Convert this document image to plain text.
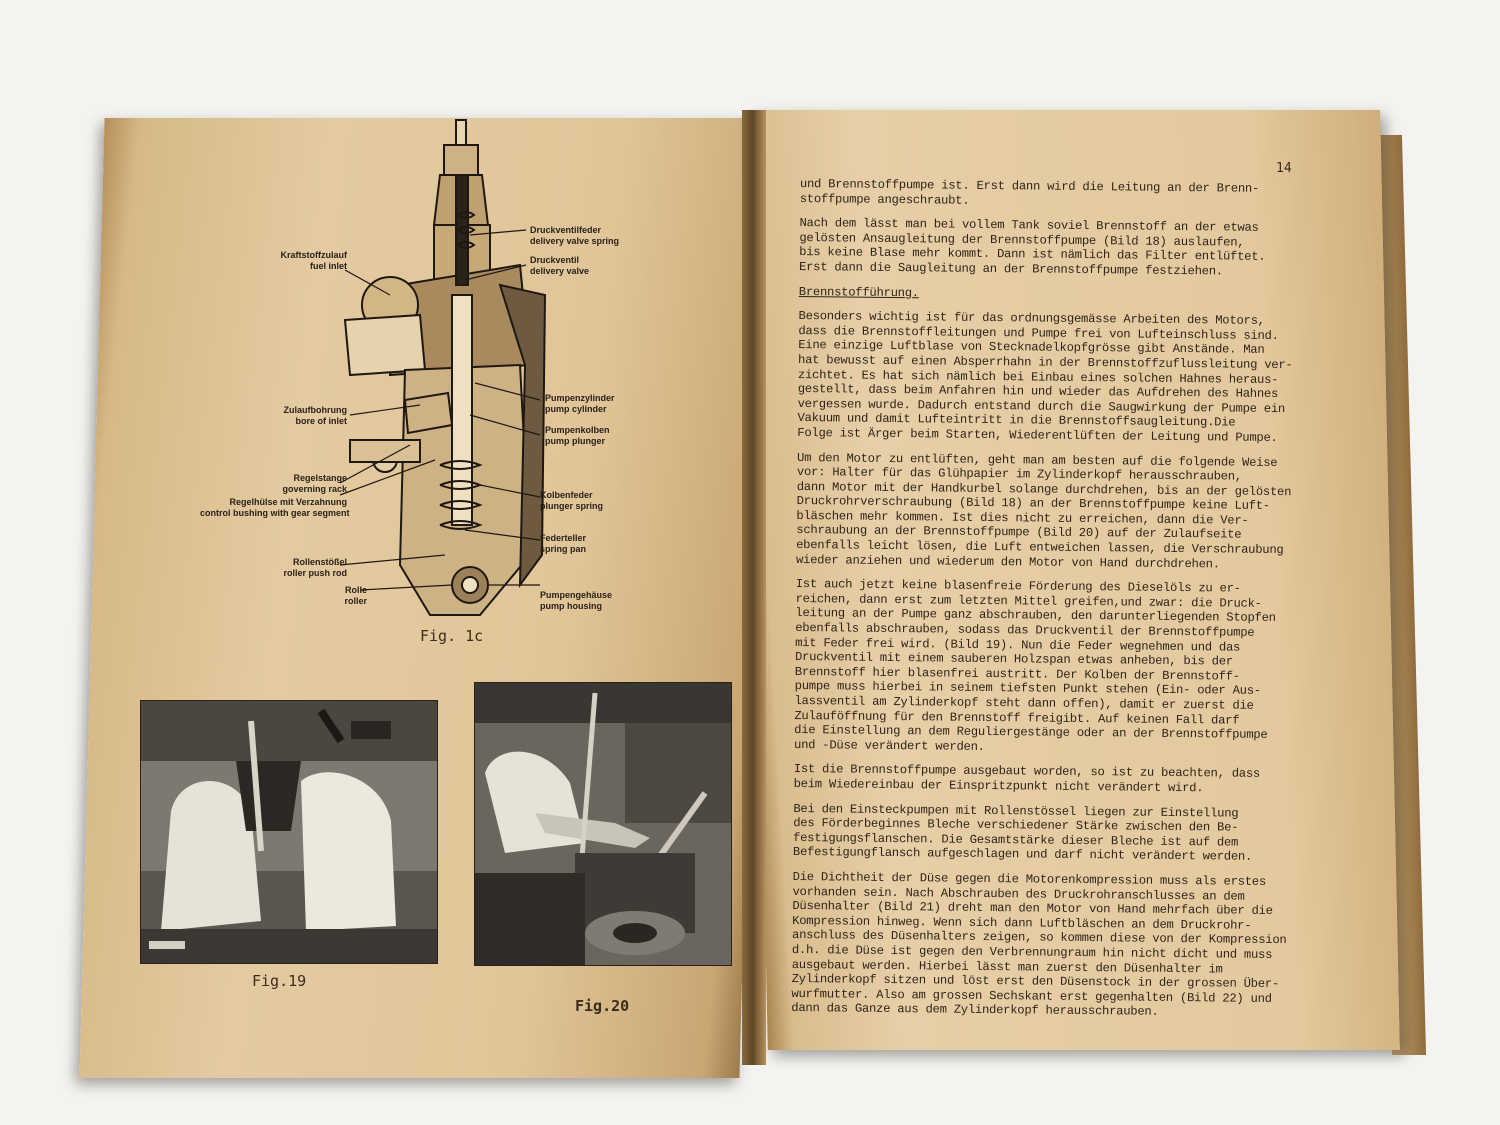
Druckventilfeder
delivery valve spring
Kraftstoffzulauf
fuel inlet
Druckventil
delivery valve
Pumpenzylinder
pump cylinder
Zulaufbohrung
bore of inlet
Pumpenkolben
pump plunger
Regelstange
governing rack
Regelhülse mit Verzahnung
control bushing with gear segment
Kolbenfeder
plunger spring
Federteller
spring pan
Rollenstößel
roller push rod
Rolle
roller
Pumpengehäuse
pump housing
Fig. 1c
Fig.19
Fig.20
14

und Brennstoffpumpe ist. Erst dann wird die Leitung an der Brenn-
stoffpumpe angeschraubt.

Nach dem lässt man bei vollem Tank soviel Brennstoff an der etwas
gelösten Ansaugleitung der Brennstoffpumpe (Bild 18) auslaufen,
bis keine Blase mehr kommt. Dann ist nämlich das Filter entlüftet.
Erst dann die Saugleitung an der Brennstoffpumpe festziehen.

Brennstofführung.

Besonders wichtig ist für das ordnungsgemässe Arbeiten des Motors,
dass die Brennstoffleitungen und Pumpe frei von Lufteinschluss sind.
Eine einzige Luftblase von Stecknadelkopfgrösse gibt Anstände. Man
hat bewusst auf einen Absperrhahn in der Brennstoffzuflussleitung ver-
zichtet. Es hat sich nämlich bei Einbau eines solchen Hahnes heraus-
gestellt, dass beim Anfahren hin und wieder das Aufdrehen des Hahnes
vergessen wurde. Dadurch entstand durch die Saugwirkung der Pumpe ein
Vakuum und damit Lufteintritt in die Brennstoffsaugleitung.Die
Folge ist Ärger beim Starten, Wiederentlüften der Leitung und Pumpe.

Um den Motor zu entlüften, geht man am besten auf die folgende Weise
vor: Halter für das Glühpapier im Zylinderkopf herausschrauben,
dann Motor mit der Handkurbel solange durchdrehen, bis an der gelösten
Druckrohrverschraubung (Bild 18) an der Brennstoffpumpe keine Luft-
bläschen mehr kommen. Ist dies nicht zu erreichen, dann die Ver-
schraubung an der Brennstoffpumpe (Bild 20) auf der Zulaufseite
ebenfalls leicht lösen, die Luft entweichen lassen, die Verschraubung
wieder anziehen und wiederum den Motor von Hand durchdrehen.

Ist auch jetzt keine blasenfreie Förderung des Dieselöls zu er-
reichen, dann erst zum letzten Mittel greifen,und zwar: die Druck-
leitung an der Pumpe ganz abschrauben, den darunterliegenden Stopfen
ebenfalls abschrauben, sodass das Druckventil der Brennstoffpumpe
mit Feder frei wird. (Bild 19). Nun die Feder wegnehmen und das
Druckventil mit einem sauberen Holzspan etwas anheben, bis der
Brennstoff hier blasenfrei austritt. Der Kolben der Brennstoff-
pumpe muss hierbei in seinem tiefsten Punkt stehen (Ein- oder Aus-
lassventil am Zylinderkopf steht dann offen), damit er zuerst die
Zulauföffnung für den Brennstoff freigibt. Auf keinen Fall darf
die Einstellung an dem Reguliergestänge oder an der Brennstoffpumpe
und -Düse verändert werden.

Ist die Brennstoffpumpe ausgebaut worden, so ist zu beachten, dass
beim Wiedereinbau der Einspritzpunkt nicht verändert wird.

Bei den Einsteckpumpen mit Rollenstössel liegen zur Einstellung
des Förderbeginnes Bleche verschiedener Stärke zwischen den Be-
festigungsflanschen. Die Gesamtstärke dieser Bleche ist auf dem
Befestigungflansch aufgeschlagen und darf nicht verändert werden.

Die Dichtheit der Düse gegen die Motorenkompression muss als erstes
vorhanden sein. Nach Abschrauben des Druckrohranschlusses an dem
Düsenhalter (Bild 21) dreht man den Motor von Hand mehrfach über die
Kompression hinweg. Wenn sich dann Luftbläschen an dem Druckrohr-
anschluss des Düsenhalters zeigen, so kommen diese von der Kompression
d.h. die Düse ist gegen den Verbrennungraum hin nicht dicht und muss
ausgebaut werden. Hierbei lässt man zuerst den Düsenhalter im
Zylinderkopf sitzen und löst erst den Düsenstock in der grossen Über-
wurfmutter. Also am grossen Sechskant erst gegenhalten (Bild 22) und
dann das Ganze aus dem Zylinderkopf herausschrauben.
